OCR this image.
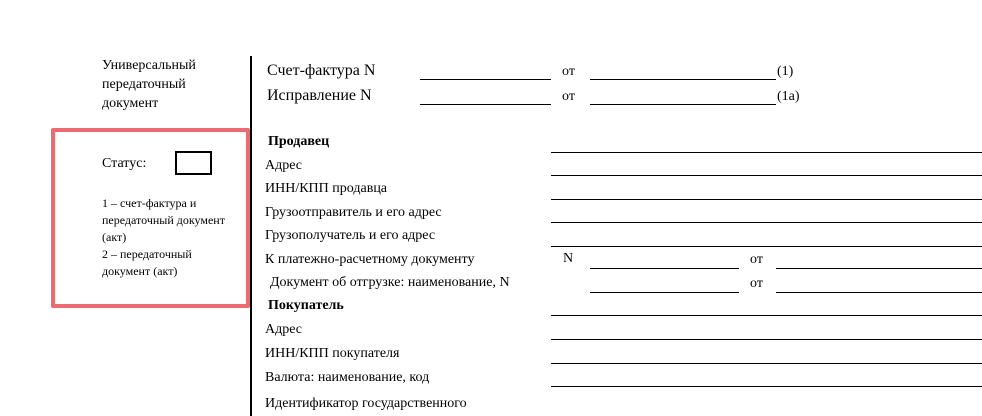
Универсальный передаточный документ
Статус:
1 – счет-фактура и передаточный документ (акт)
2 – передаточный документ (акт)
Счет-фактура N	от	(1)
Исправление N	от	(1а)
Продавец
Адрес
ИНН/КПП продавца
Грузоотправитель и его адрес
Грузополучатель и его адрес
К платежно-расчетному документу	N	от
Документ об отгрузке: наименование, N	от
Покупатель
Адрес
ИНН/КПП покупателя
Валюта: наименование, код
Идентификатор государственного
